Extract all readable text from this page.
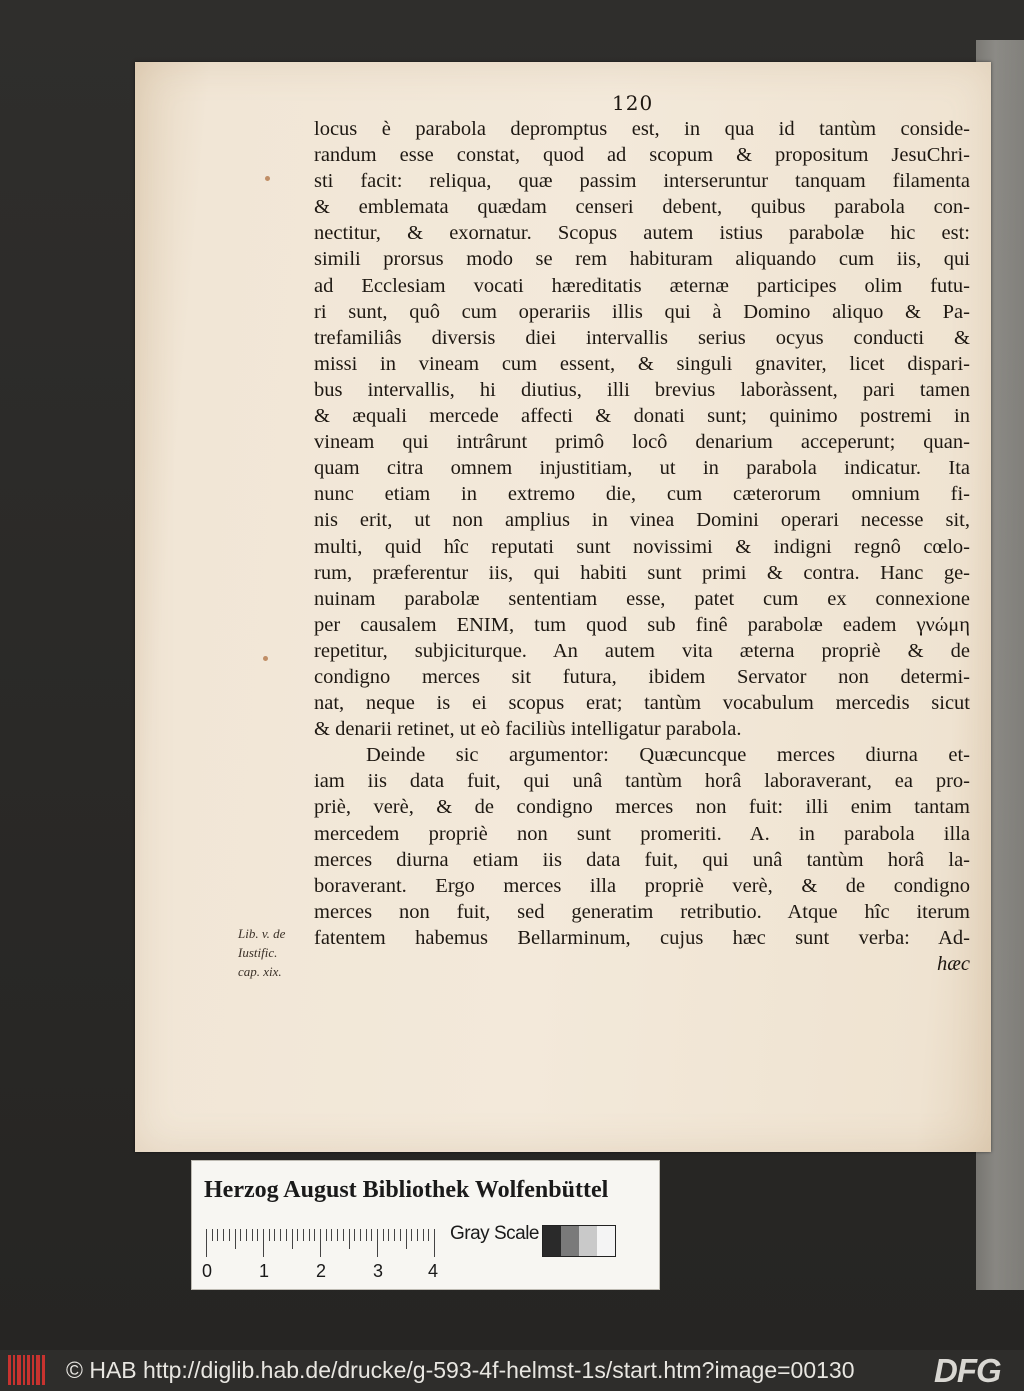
120
locus è parabola depromptus est, in qua id tantùm conside-
randum esse constat, quod ad scopum & propositum JesuChri-
sti facit: reliqua, quæ passim interseruntur tanquam filamenta
& emblemata quædam censeri debent, quibus parabola con-
nectitur, & exornatur. Scopus autem istius parabolæ hic est:
simili prorsus modo se rem habituram aliquando cum iis, qui
ad Ecclesiam vocati hæreditatis æternæ participes olim futu-
ri sunt, quô cum operariis illis qui à Domino aliquo & Pa-
trefamiliâs diversis diei intervallis serius ocyus conducti &
missi in vineam cum essent, & singuli gnaviter, licet dispari-
bus intervallis, hi diutius, illi brevius laboràssent, pari tamen
& æquali mercede affecti & donati sunt; quinimo postremi in
vineam qui intrârunt primô locô denarium acceperunt; quan-
quam citra omnem injustitiam, ut in parabola indicatur. Ita
nunc etiam in extremo die, cum cæterorum omnium fi-
nis erit, ut non amplius in vinea Domini operari necesse sit,
multi, quid hîc reputati sunt novissimi & indigni regnô cœlo-
rum, præferentur iis, qui habiti sunt primi & contra. Hanc ge-
nuinam parabolæ sententiam esse, patet cum ex connexione
per causalem ENIM, tum quod sub finê parabolæ eadem γνώμη
repetitur, subjiciturque. An autem vita æterna propriè & de
condigno merces sit futura, ibidem Servator non determi-
nat, neque is ei scopus erat; tantùm vocabulum mercedis sicut
& denarii retinet, ut eò faciliùs intelligatur parabola.
Deinde sic argumentor: Quæcuncque merces diurna et-
iam iis data fuit, qui unâ tantùm horâ laboraverant, ea pro-
priè, verè, & de condigno merces non fuit: illi enim tantam
mercedem propriè non sunt promeriti. A. in parabola illa
merces diurna etiam iis data fuit, qui unâ tantùm horâ la-
boraverant. Ergo merces illa propriè verè, & de condigno
merces non fuit, sed generatim retributio. Atque hîc iterum
fatentem habemus Bellarminum, cujus hæc sunt verba: Ad-
hæc
Lib. v. de
Iustific.
cap. xix.
Herzog August Bibliothek Wolfenbüttel
0	1	2	3 4
Gray Scale
© HAB http://diglib.hab.de/drucke/g-593-4f-helmst-1s/start.htm?image=00130 DFG
